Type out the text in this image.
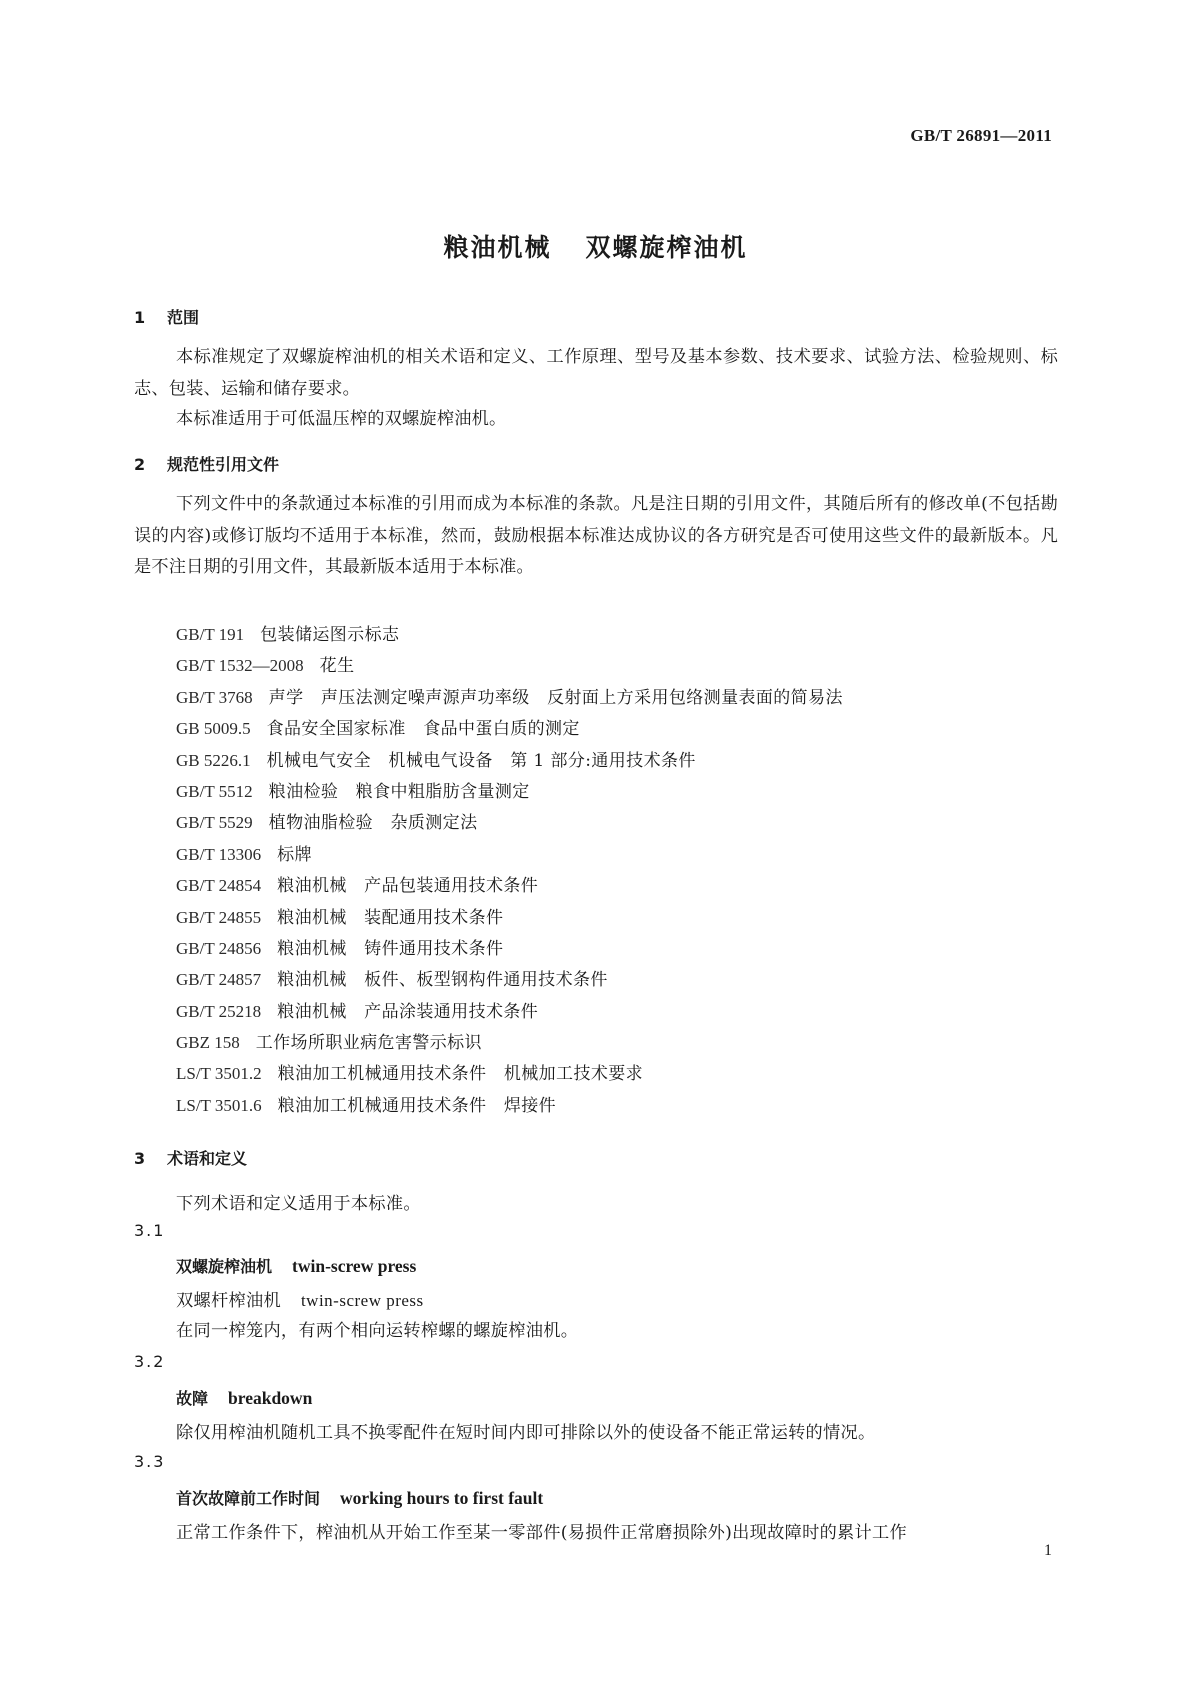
GB/T 26891—2011
粮油机械 双螺旋榨油机
1 范围
本标准规定了双螺旋榨油机的相关术语和定义、工作原理、型号及基本参数、技术要求、试验方法、检验规则、标志、包装、运输和储存要求。
本标准适用于可低温压榨的双螺旋榨油机。
2 规范性引用文件
下列文件中的条款通过本标准的引用而成为本标准的条款。凡是注日期的引用文件，其随后所有的修改单(不包括勘误的内容)或修订版均不适用于本标准，然而，鼓励根据本标准达成协议的各方研究是否可使用这些文件的最新版本。凡是不注日期的引用文件，其最新版本适用于本标准。
GB/T 191 包装储运图示标志
GB/T 1532—2008 花生
GB/T 3768 声学　声压法测定噪声源声功率级　反射面上方采用包络测量表面的简易法
GB 5009.5 食品安全国家标准　食品中蛋白质的测定
GB 5226.1 机械电气安全　机械电气设备　第 1 部分:通用技术条件
GB/T 5512 粮油检验　粮食中粗脂肪含量测定
GB/T 5529 植物油脂检验　杂质测定法
GB/T 13306 标牌
GB/T 24854 粮油机械　产品包装通用技术条件
GB/T 24855 粮油机械　装配通用技术条件
GB/T 24856 粮油机械　铸件通用技术条件
GB/T 24857 粮油机械　板件、板型钢构件通用技术条件
GB/T 25218 粮油机械　产品涂装通用技术条件
GBZ 158 工作场所职业病危害警示标识
LS/T 3501.2 粮油加工机械通用技术条件　机械加工技术要求
LS/T 3501.6 粮油加工机械通用技术条件　焊接件
3 术语和定义
下列术语和定义适用于本标准。
3.1
双螺旋榨油机 twin-screw press
双螺杆榨油机 twin-screw press
在同一榨笼内，有两个相向运转榨螺的螺旋榨油机。
3.2
故障 breakdown
除仅用榨油机随机工具不换零配件在短时间内即可排除以外的使设备不能正常运转的情况。
3.3
首次故障前工作时间 working hours to first fault
正常工作条件下，榨油机从开始工作至某一零部件(易损件正常磨损除外)出现故障时的累计工作
1
